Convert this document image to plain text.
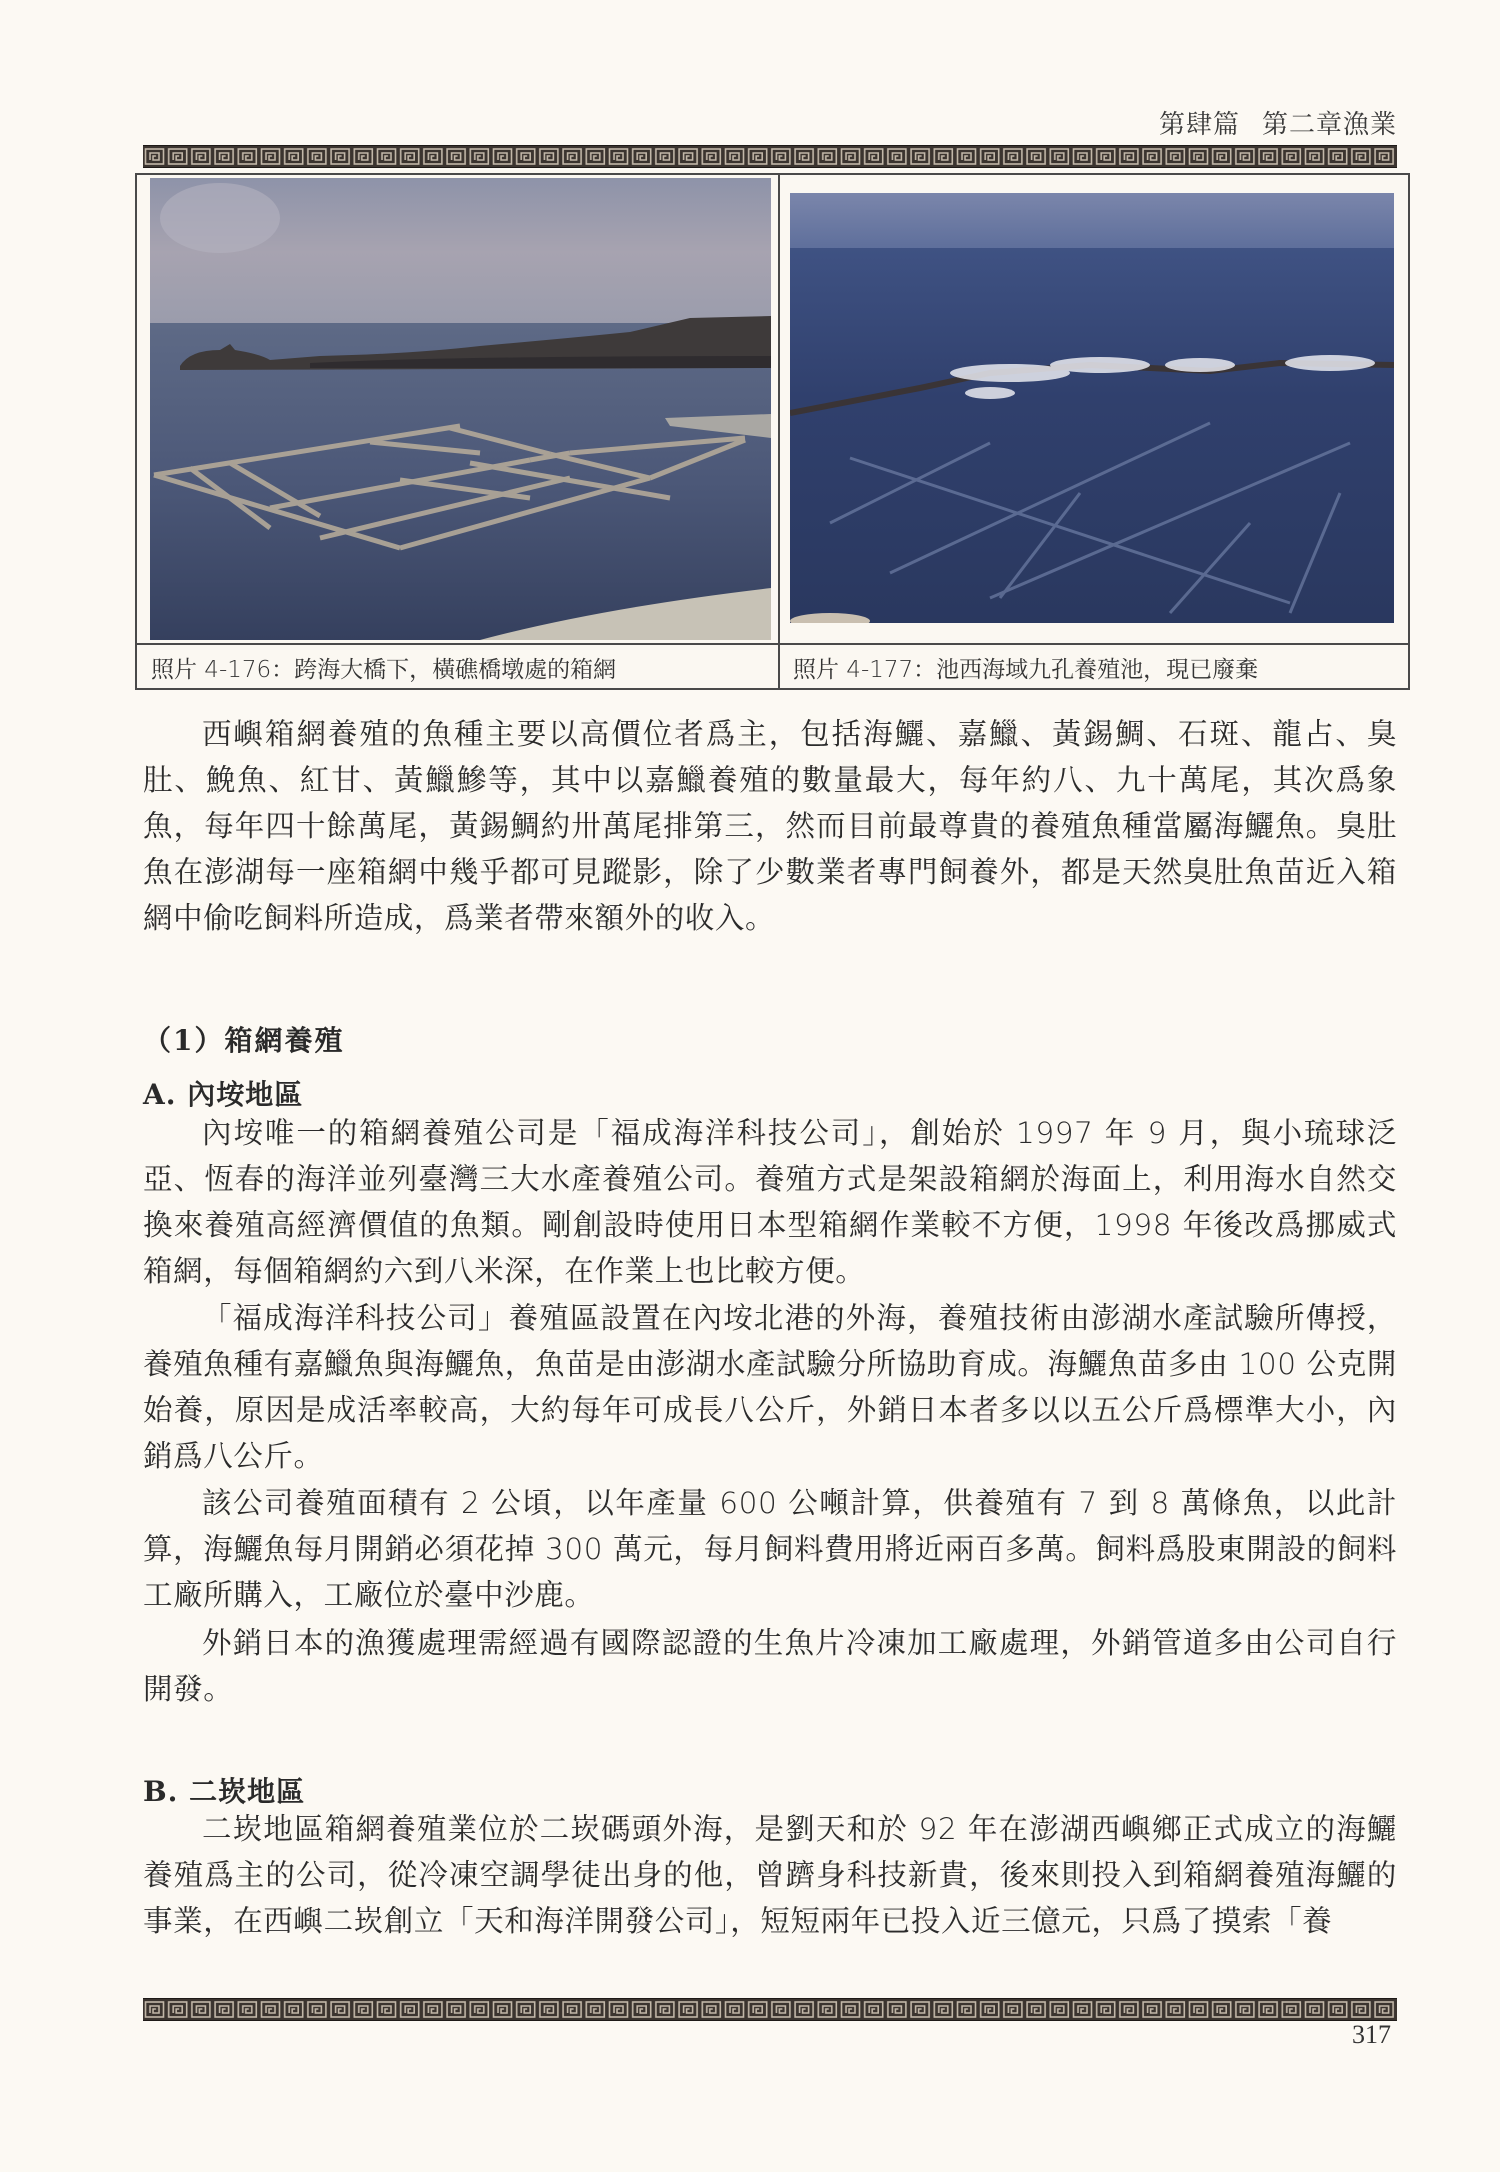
第肆篇 第二章漁業
照片 4-176：跨海大橋下，橫礁橋墩處的箱網	照片 4-177：池西海域九孔養殖池，現已廢棄

西嶼箱網養殖的魚種主要以高價位者爲主，包括海鱺、嘉鱲、黃錫鯛、石斑、龍占、臭肚、鮸魚、紅甘、黃鱲鰺等，其中以嘉鱲養殖的數量最大，每年約八、九十萬尾，其次爲象魚，每年四十餘萬尾，黃錫鯛約卅萬尾排第三，然而目前最尊貴的養殖魚種當屬海鱺魚。臭肚魚在澎湖每一座箱網中幾乎都可見蹤影，除了少數業者專門飼養外，都是天然臭肚魚苗近入箱網中偷吃飼料所造成，爲業者帶來額外的收入。

（1）箱網養殖
A. 內垵地區

內垵唯一的箱網養殖公司是「福成海洋科技公司」，創始於 1997 年 9 月，與小琉球泛亞、恆春的海洋並列臺灣三大水產養殖公司。養殖方式是架設箱網於海面上，利用海水自然交換來養殖高經濟價值的魚類。剛創設時使用日本型箱網作業較不方便，1998 年後改爲挪威式箱網，每個箱網約六到八米深，在作業上也比較方便。

「福成海洋科技公司」養殖區設置在內垵北港的外海，養殖技術由澎湖水產試驗所傳授，養殖魚種有嘉鱲魚與海鱺魚，魚苗是由澎湖水產試驗分所協助育成。海鱺魚苗多由 100 公克開始養，原因是成活率較高，大約每年可成長八公斤，外銷日本者多以以五公斤爲標準大小，內銷爲八公斤。

該公司養殖面積有 2 公頃，以年產量 600 公噸計算，供養殖有 7 到 8 萬條魚，以此計算，海鱺魚每月開銷必須花掉 300 萬元，每月飼料費用將近兩百多萬。飼料爲股東開設的飼料工廠所購入，工廠位於臺中沙鹿。

外銷日本的漁獲處理需經過有國際認證的生魚片冷凍加工廠處理，外銷管道多由公司自行開發。

B. 二崁地區

二崁地區箱網養殖業位於二崁碼頭外海，是劉天和於 92 年在澎湖西嶼鄉正式成立的海鱺養殖爲主的公司，從冷凍空調學徒出身的他，曾躋身科技新貴，後來則投入到箱網養殖海鱺的事業，在西嶼二崁創立「天和海洋開發公司」，短短兩年已投入近三億元，只爲了摸索「養

317
